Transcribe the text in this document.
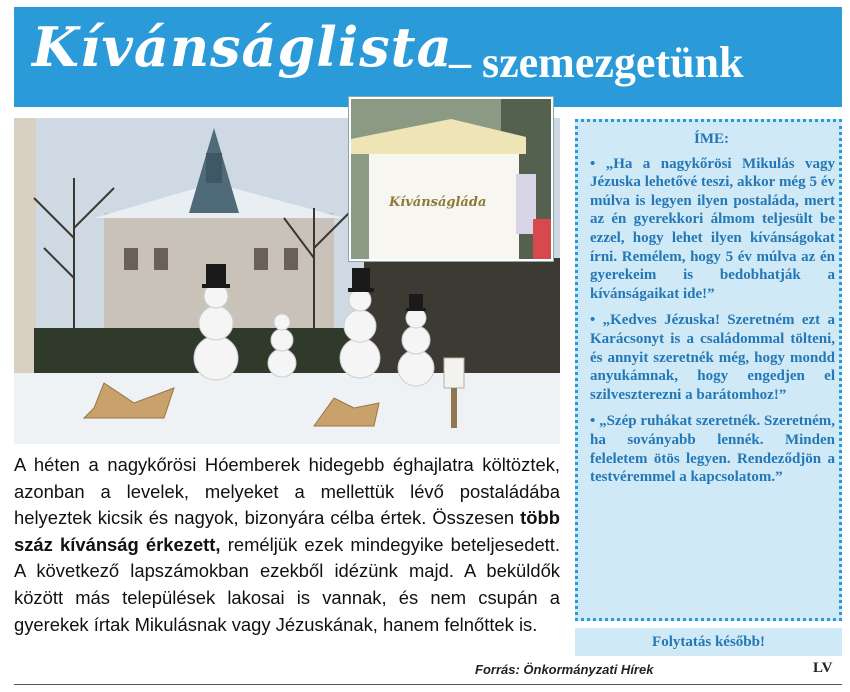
Kívánságlista
– szemezgetünk
Kívánságláda
A héten a nagykőrösi Hóemberek hidegebb éghajlatra költöztek, azonban a levelek, melyeket a mellettük lévő postaládába helyeztek kicsik és nagyok, bizonyára célba értek. Összesen több száz kívánság érkezett, reméljük ezek mindegyike beteljesedett. A következő lapszámokban ezekből idézünk majd. A beküldők között más települések lakosai is vannak, és nem csupán a gyerekek írtak Mikulásnak vagy Jézuskának, hanem felnőttek is.
ÍME:
• „Ha a nagykőrösi Mikulás vagy Jézuska lehetővé teszi, akkor még 5 év múlva is legyen ilyen postaláda, mert az én gyerekkori álmom teljesült be ezzel, hogy lehet ilyen kívánságokat írni. Remélem, hogy 5 év múlva az én gyerekeim is bedobhatják a kívánságaikat ide!”
• „Kedves Jézuska! Szeretném ezt a Karácsonyt is a családommal tölteni, és annyit szeretnék még, hogy mondd anyukámnak, hogy engedjen el szilveszterezni a barátomhoz!”
• „Szép ruhákat szeretnék. Szeretném, ha soványabb lennék. Minden feleletem ötös legyen. Rendeződjön a testvéremmel a kapcsolatom.”
Folytatás később!
Forrás: Önkormányzati Hírek	LV
